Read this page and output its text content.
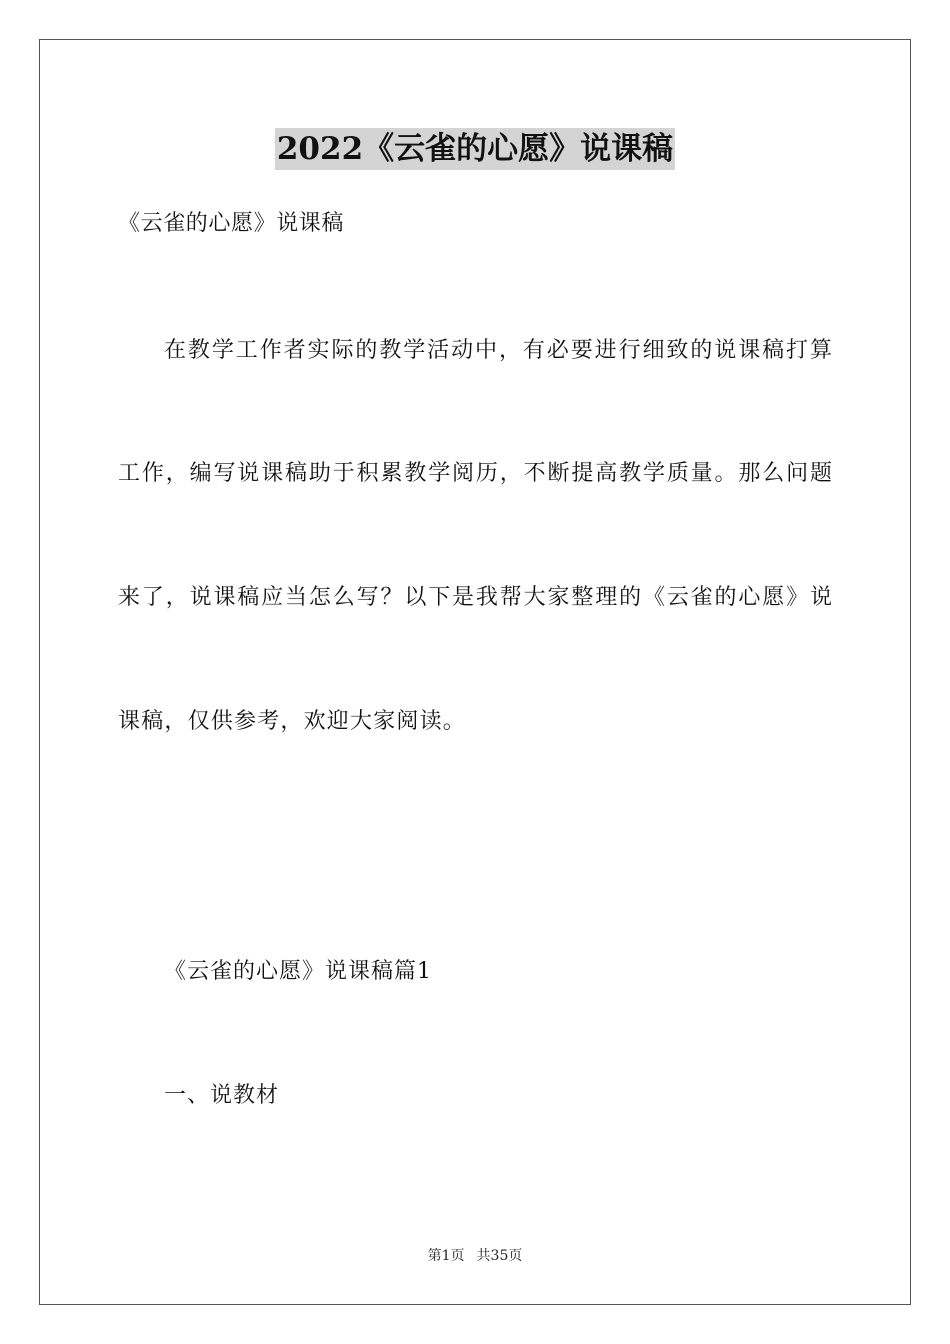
2022《云雀的心愿》说课稿
《云雀的心愿》说课稿
在教学工作者实际的教学活动中，有必要进行细致的说课稿打算
工作，编写说课稿助于积累教学阅历，不断提高教学质量。那么问题
来了，说课稿应当怎么写？以下是我帮大家整理的《云雀的心愿》说
课稿，仅供参考，欢迎大家阅读。
《云雀的心愿》说课稿篇1
一、说教材
第1页 共35页
